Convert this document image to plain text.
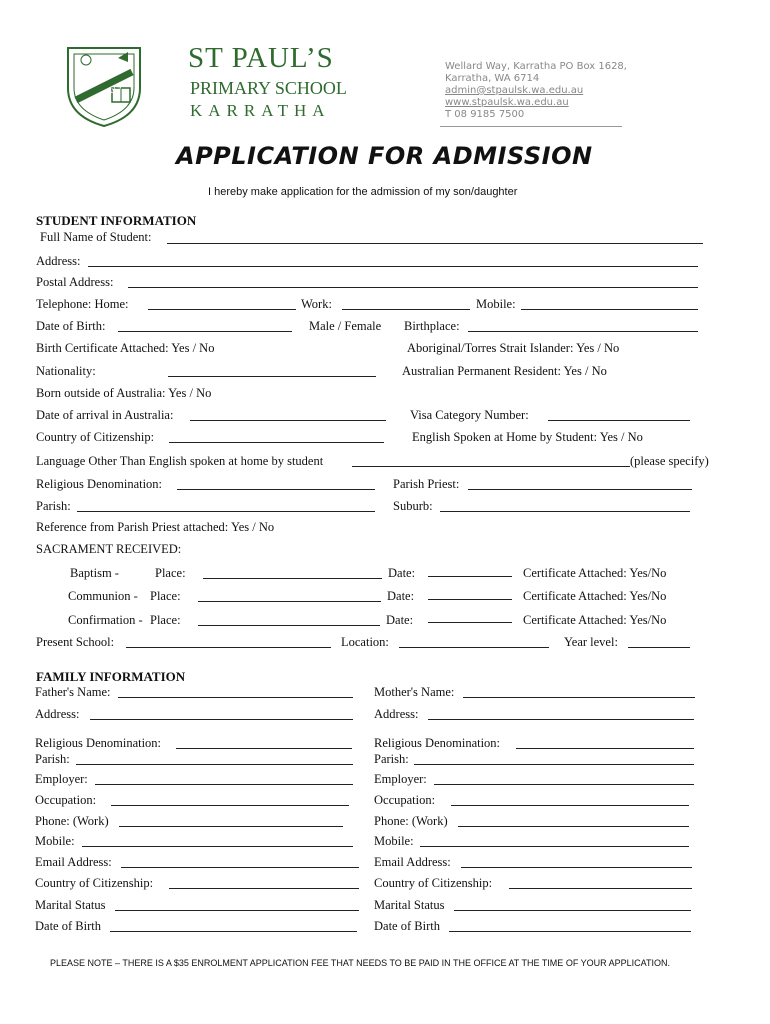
St Paul's
ST PAUL’S
PRIMARY SCHOOL
KARRATHA
Wellard Way, Karratha PO Box 1628,
Karratha, WA 6714
admin@stpaulsk.wa.edu.au
www.stpaulsk.wa.edu.au
T 08 9185 7500
APPLICATION FOR ADMISSION
I hereby make application for the admission of my son/daughter
STUDENT INFORMATION
Full Name of Student:
Address:
Postal Address:
Telephone: Home:	Work:	Mobile:
Date of Birth:	Male / Female Birthplace:
Birth Certificate Attached: Yes / No	Aboriginal/Torres Strait Islander: Yes / No
Nationality:	Australian Permanent Resident: Yes / No
Born outside of Australia: Yes / No
Date of arrival in Australia:	Visa Category Number:
Country of Citizenship:	English Spoken at Home by Student: Yes / No
Language Other Than English spoken at home by student	(please specify)
Religious Denomination:	Parish Priest:
Parish:	Suburb:
Reference from Parish Priest attached: Yes / No
SACRAMENT RECEIVED:
Baptism -	Place:	Date:	Certificate Attached: Yes/No
Communion - Place:	Date:	Certificate Attached: Yes/No
Confirmation - Place:	Date:	Certificate Attached: Yes/No
Present School:	Location:	Year level:
FAMILY INFORMATION
Father's Name:	Mother's Name:
Address:	Address:
Religious Denomination:	Religious Denomination:
Parish:	Parish:
Employer:	Employer:
Occupation:	Occupation:
Phone: (Work)	Phone: (Work)
Mobile:	Mobile:
Email Address:	Email Address:
Country of Citizenship:	Country of Citizenship:
Marital Status	Marital Status
Date of Birth	Date of Birth
PLEASE NOTE – THERE IS A $35 ENROLMENT APPLICATION FEE THAT NEEDS TO BE PAID IN THE OFFICE AT THE TIME OF YOUR APPLICATION.
